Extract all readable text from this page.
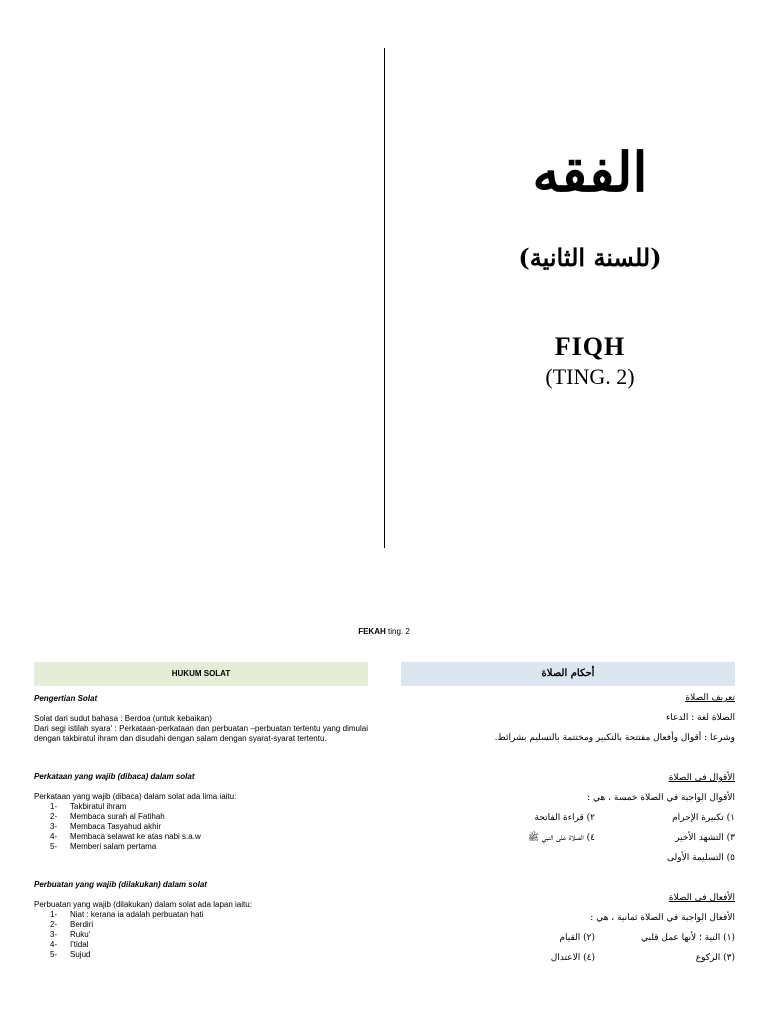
الفقه
(للسنة الثانية)
FIQH
(TING. 2)
FEKAH ting. 2
HUKUM SOLAT

Pengertian Solat

Solat dari sudut bahasa : Berdoa (untuk kebaikan)

Dari segi istilah syara' : Perkataan-perkataan dan perbuatan –perbuatan tertentu yang dimulai dengan takbiratul ihram dan disudahi dengan salam dengan syarat-syarat tertentu.

Perkataan yang wajib (dibaca) dalam solat

Perkataan yang wajib (dibaca) dalam solat ada lima iaitu:

1- Takbiratul ihram
2- Membaca surah al Fatihah
3- Membaca Tasyahud akhir
4- Membaca selawat ke atas nabi s.a.w
5- Memberi salam pertama

Perbuatan yang wajib (dilakukan) dalam solat

Perbuatan yang wajib (dilakukan) dalam solat ada lapan iaitu:

1- Niat : kerana ia adalah perbuatan hati
2- Berdiri
3- Ruku'
4- I'tidal
5- Sujud
أحكام الصلاة

تعريف الصلاة

الصلاة لغة : الدعاء

وشرعا : أقوال وأفعال مفتتحة بالتكبير ومختتمة بالتسليم بشرائط.

الأقوال في الصلاة

الأقوال الواجبة في الصلاة خمسة ، هي :

١) تكبيرة الإحرام
٢) قراءة الفاتحة

٣) التشهد الأخير
٤) الصلاة على النبي ﷺ

٥) التسليمة الأولى

الأفعال في الصلاة

الأفعال الواجبة في الصلاة ثمانية ، هي :

(١) النية ؛ لأنها عمل قلبي
(٢) القيام

(٣) الركوع
(٤) الاعتدال
